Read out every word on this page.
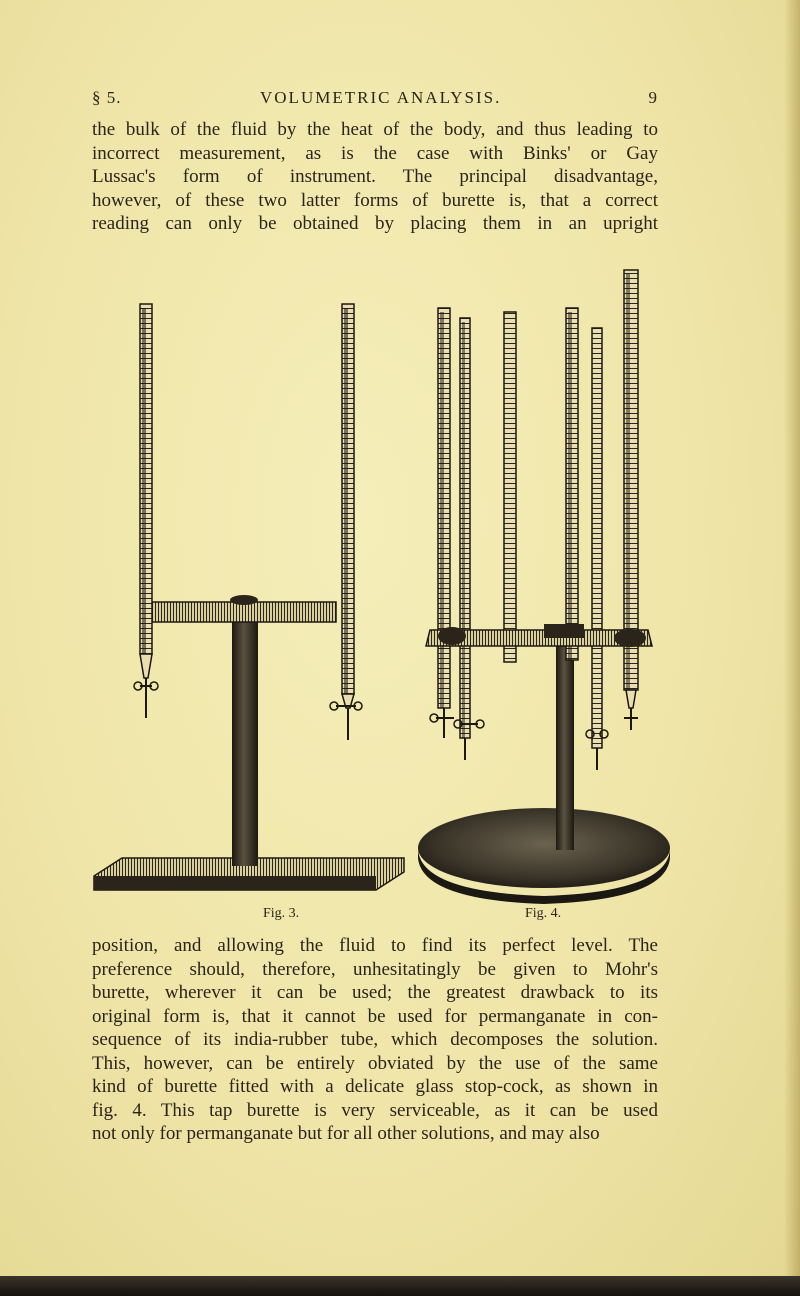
§ 5.	VOLUMETRIC ANALYSIS.	9

the bulk of the fluid by the heat of the body, and thus leading to
incorrect measurement, as is the case with Binks' or Gay
Lussac's form of instrument. The principal disadvantage,
however, of these two latter forms of burette is, that a correct
reading can only be obtained by placing them in an upright

Fig. 3.	Fig. 4.

position, and allowing the fluid to find its perfect level. The
preference should, therefore, unhesitatingly be given to Mohr's
burette, wherever it can be used; the greatest drawback to its
original form is, that it cannot be used for permanganate in con-
sequence of its india-rubber tube, which decomposes the solution.
This, however, can be entirely obviated by the use of the same
kind of burette fitted with a delicate glass stop-cock, as shown in
fig. 4. This tap burette is very serviceable, as it can be used
not only for permanganate but for all other solutions, and may also
